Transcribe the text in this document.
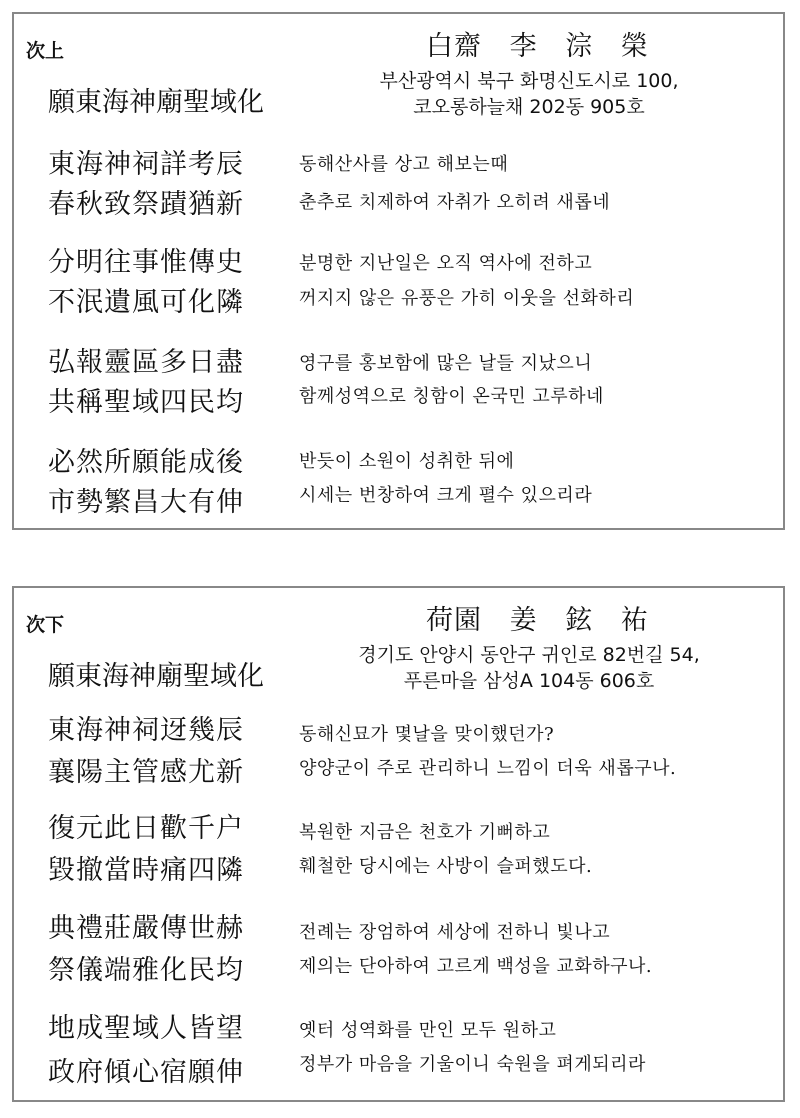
次上	白齋 李 淙 榮
願東海神廟聖域化
부산광역시 북구 화명신도시로 100,
코오롱하늘채 202동 905호
東海神祠詳考辰	동해산사를 상고 해보는때
春秋致祭蹟猶新	춘추로 치제하여 자취가 오히려 새롭네
分明往事惟傳史	분명한 지난일은 오직 역사에 전하고
不泯遺風可化隣	꺼지지 않은 유풍은 가히 이웃을 선화하리
弘報靈區多日盡	영구를 홍보함에 많은 날들 지났으니
共稱聖域四民均	함께성역으로 칭함이 온국민 고루하네
必然所願能成後	반듯이 소원이 성취한 뒤에
市勢繁昌大有伸	시세는 번창하여 크게 펼수 있으리라
次下	荷園 姜 鉉 祐
願東海神廟聖域化
경기도 안양시 동안구 귀인로 82번길 54,
푸른마을 삼성A 104동 606호
東海神祠迓幾辰	동해신묘가 몇날을 맞이했던가?
襄陽主管感尤新	양양군이 주로 관리하니 느낌이 더욱 새롭구나.
復元此日歡千户	복원한 지금은 천호가 기뻐하고
毀撤當時痛四隣	훼철한 당시에는 사방이 슬퍼했도다.
典禮莊嚴傳世赫	전례는 장엄하여 세상에 전하니 빛나고
祭儀端雅化民均	제의는 단아하여 고르게 백성을 교화하구나.
地成聖域人皆望	옛터 성역화를 만인 모두 원하고
政府傾心宿願伸	정부가 마음을 기울이니 숙원을 펴게되리라
